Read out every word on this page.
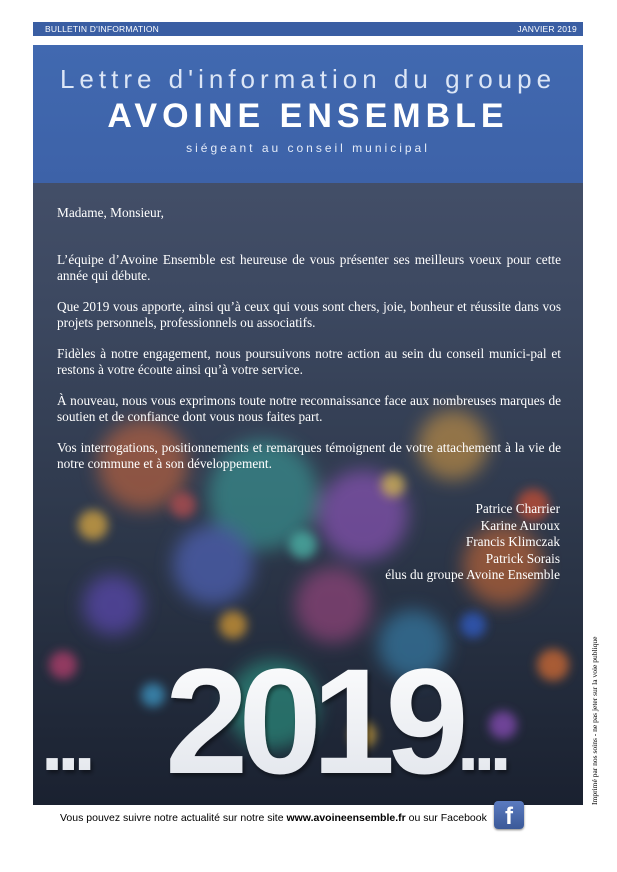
BULLETIN D'INFORMATION	JANVIER 2019
Lettre d'information du groupe
AVOINE ENSEMBLE
siégeant au conseil municipal

Madame, Monsieur,

L’équipe d’Avoine Ensemble est heureuse de vous présenter ses meilleurs voeux pour cette année qui débute.

Que 2019 vous apporte, ainsi qu’à ceux qui vous sont chers, joie, bonheur et réussite dans vos projets personnels, professionnels ou associatifs.

Fidèles à notre engagement, nous poursuivons notre action au sein du conseil munici-pal et restons à votre écoute ainsi qu’à votre service.

À nouveau, nous vous exprimons toute notre reconnaissance face aux nombreuses marques de soutien et de confiance dont vous nous faites part.

Vos interrogations, positionnements et remarques témoignent de votre attachement à la vie de notre commune et à son développement.

Patrice Charrier
Karine Auroux
Francis Klimczak
Patrick Sorais
élus du groupe Avoine Ensemble
... 2019
...
Vous pouvez suivre notre actualité sur notre site www.avoineensemble.fr ou sur Facebook f
Imprimé par nos soins - ne pas jeter sur la voie publique
